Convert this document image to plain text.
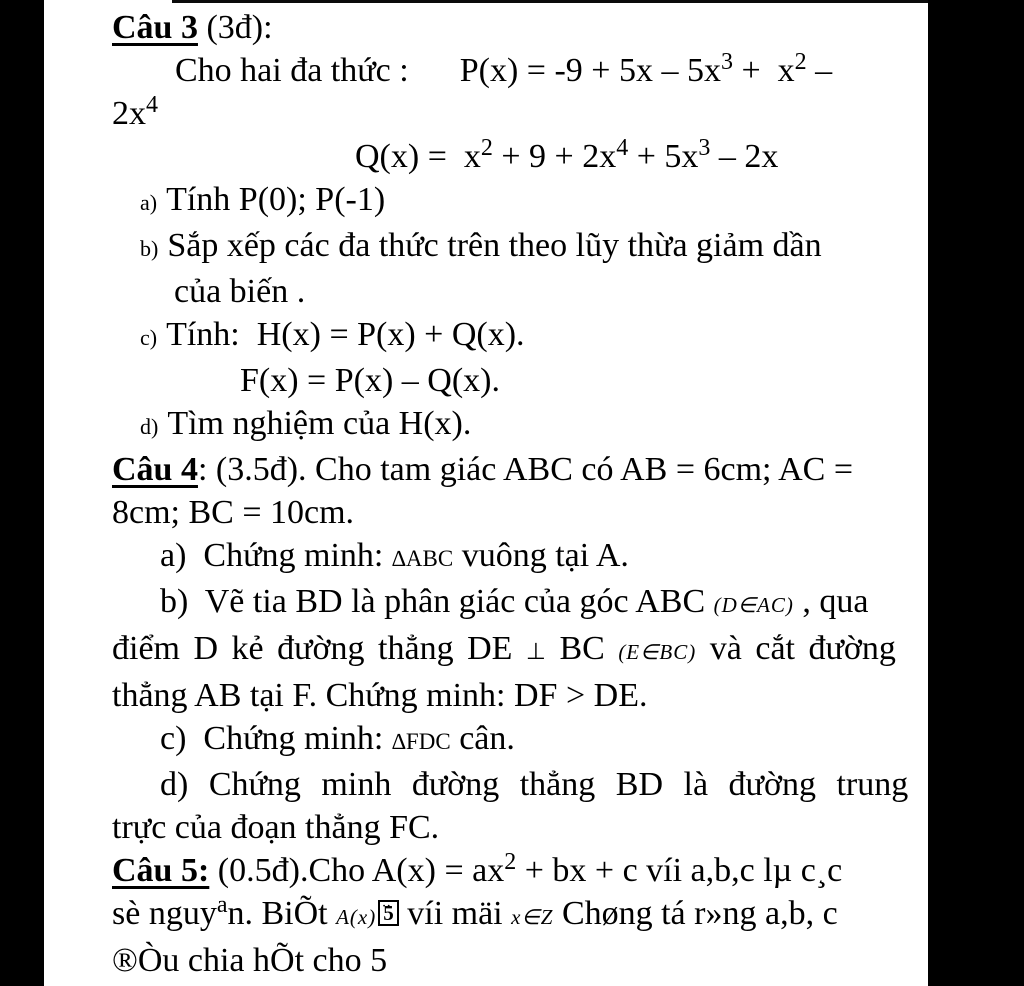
Câu 3 (3đ):
Cho hai đa thức : $P(x) = -9 + 5x - 5x^3 + x^2$ –
$2x^4$
$Q(x) = x^2 + 9 + 2x^4 + 5x^3 - 2x$
a) Tính P(0); P(-1)
b) Sắp xếp các đa thức trên theo lũy thừa giảm dần
của biến .
c) Tính:  H(x) = P(x) + Q(x).
F(x) = P(x) – Q(x).
d) Tìm nghiệm của H(x).
Câu 4: (3.5đ). Cho tam giác ABC có AB = 6cm; AC =
8cm; BC = 10cm.
a)  Chứng minh: ∆ABC vuông tại A.
b)  Vẽ tia BD là phân giác của góc ABC (D∈AC) , qua
điểm D kẻ đường thẳng DE ⊥ BC (E∈BC) và cắt đường
thẳng AB tại F. Chứng minh: DF > DE.
c)  Chứng minh: ∆FDC cân.
d) Chứng minh đường thẳng BD là đường trung
trực của đoạn thẳng FC.
Câu 5: (0.5đ).Cho $A(x) = ax^2$ + bx + c víi a,b,c lµ c¸c
sè nguy$^a$n. BiÕt A(x) ·· 5 víi mäi x∈Z Chøng tá r»ng a,b, c
®Òu chia hÕt cho 5
